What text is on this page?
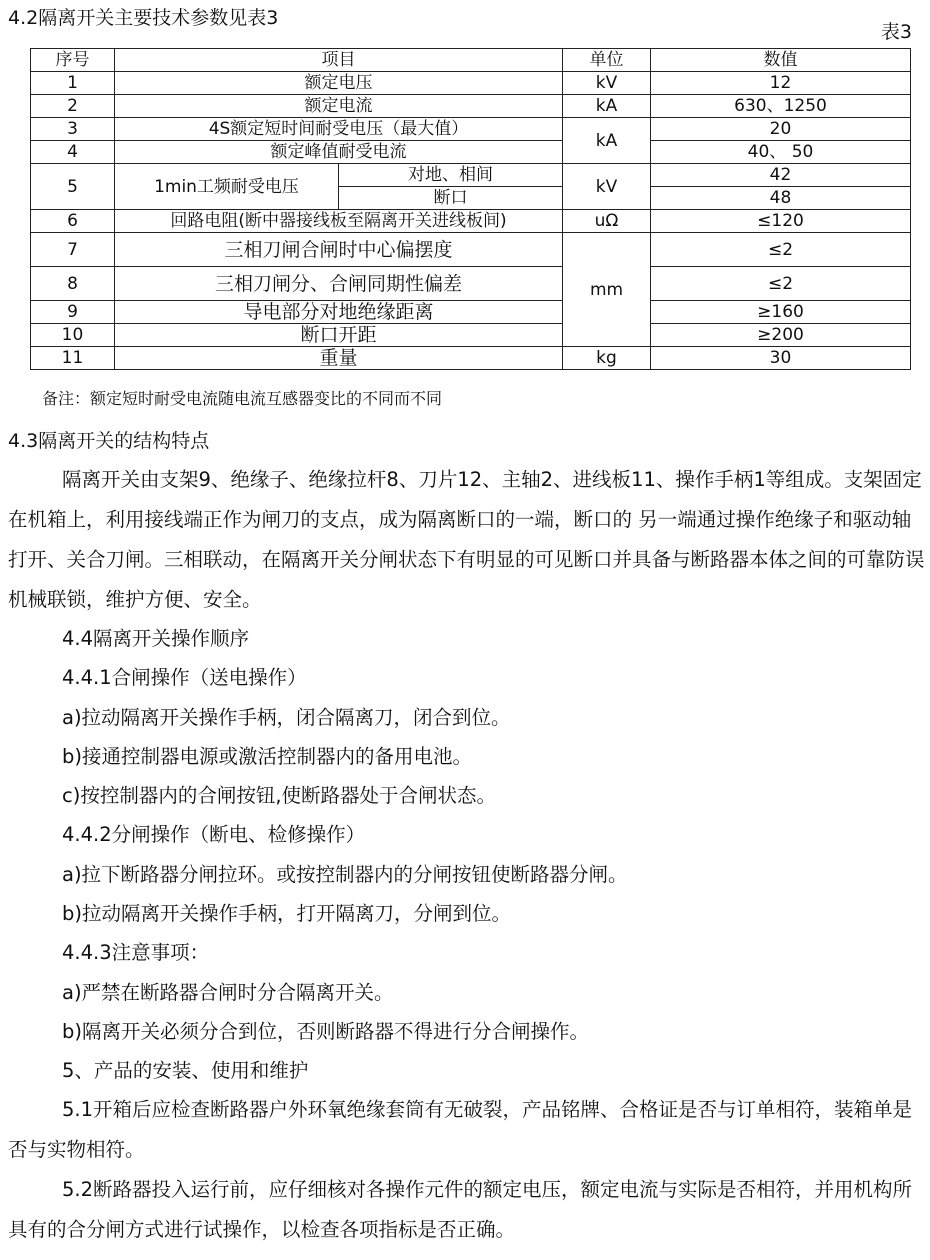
4.2隔离开关主要技术参数见表3
表3
序号	项目		单位	数值
1	额定电压		kV	12
2	额定电流		kA	630、1250
3	4S额定短时间耐受电压（最大值）		kA	20
4	额定峰值耐受电流			40、 50
5	1min工频耐受电压	对地、相间	kV	42
		断口		48
6	回路电阻(断中器接线板至隔离开关进线板间)		uΩ	≤120
7	三相刀闸合闸时中心偏摆度		mm	≤2
8	三相刀闸分、合闸同期性偏差			≤2
9	导电部分对地绝缘距离			≥160
10	断口开距			≥200
11	重量		kg	30
备注：额定短时耐受电流随电流互感器变比的不同而不同
4.3隔离开关的结构特点
隔离开关由支架9、绝缘子、绝缘拉杆8、刀片12、主轴2、进线板11、操作手柄1等组成。支架固定在机箱上，利用接线端正作为闸刀的支点，成为隔离断口的一端，断口的 另一端通过操作绝缘子和驱动轴打开、关合刀闸。三相联动，在隔离开关分闸状态下有明显的可见断口并具备与断路器本体之间的可靠防误机械联锁，维护方便、安全。
4.4隔离开关操作顺序
4.4.1合闸操作（送电操作）
a)拉动隔离开关操作手柄，闭合隔离刀，闭合到位。
b)接通控制器电源或激活控制器内的备用电池。
c)按控制器内的合闸按钮,使断路器处于合闸状态。
4.4.2分闸操作（断电、检修操作）
a)拉下断路器分闸拉环。或按控制器内的分闸按钮使断路器分闸。
b)拉动隔离开关操作手柄，打开隔离刀，分闸到位。
4.4.3注意事项：
a)严禁在断路器合闸时分合隔离开关。
b)隔离开关必须分合到位，否则断路器不得进行分合闸操作。
5、产品的安装、使用和维护
5.1开箱后应检查断路器户外环氧绝缘套筒有无破裂，产品铭牌、合格证是否与订单相符，装箱单是否与实物相符。
5.2断路器投入运行前，应仔细核对各操作元件的额定电压，额定电流与实际是否相符，并用机构所具有的合分闸方式进行试操作，以检查各项指标是否正确。
